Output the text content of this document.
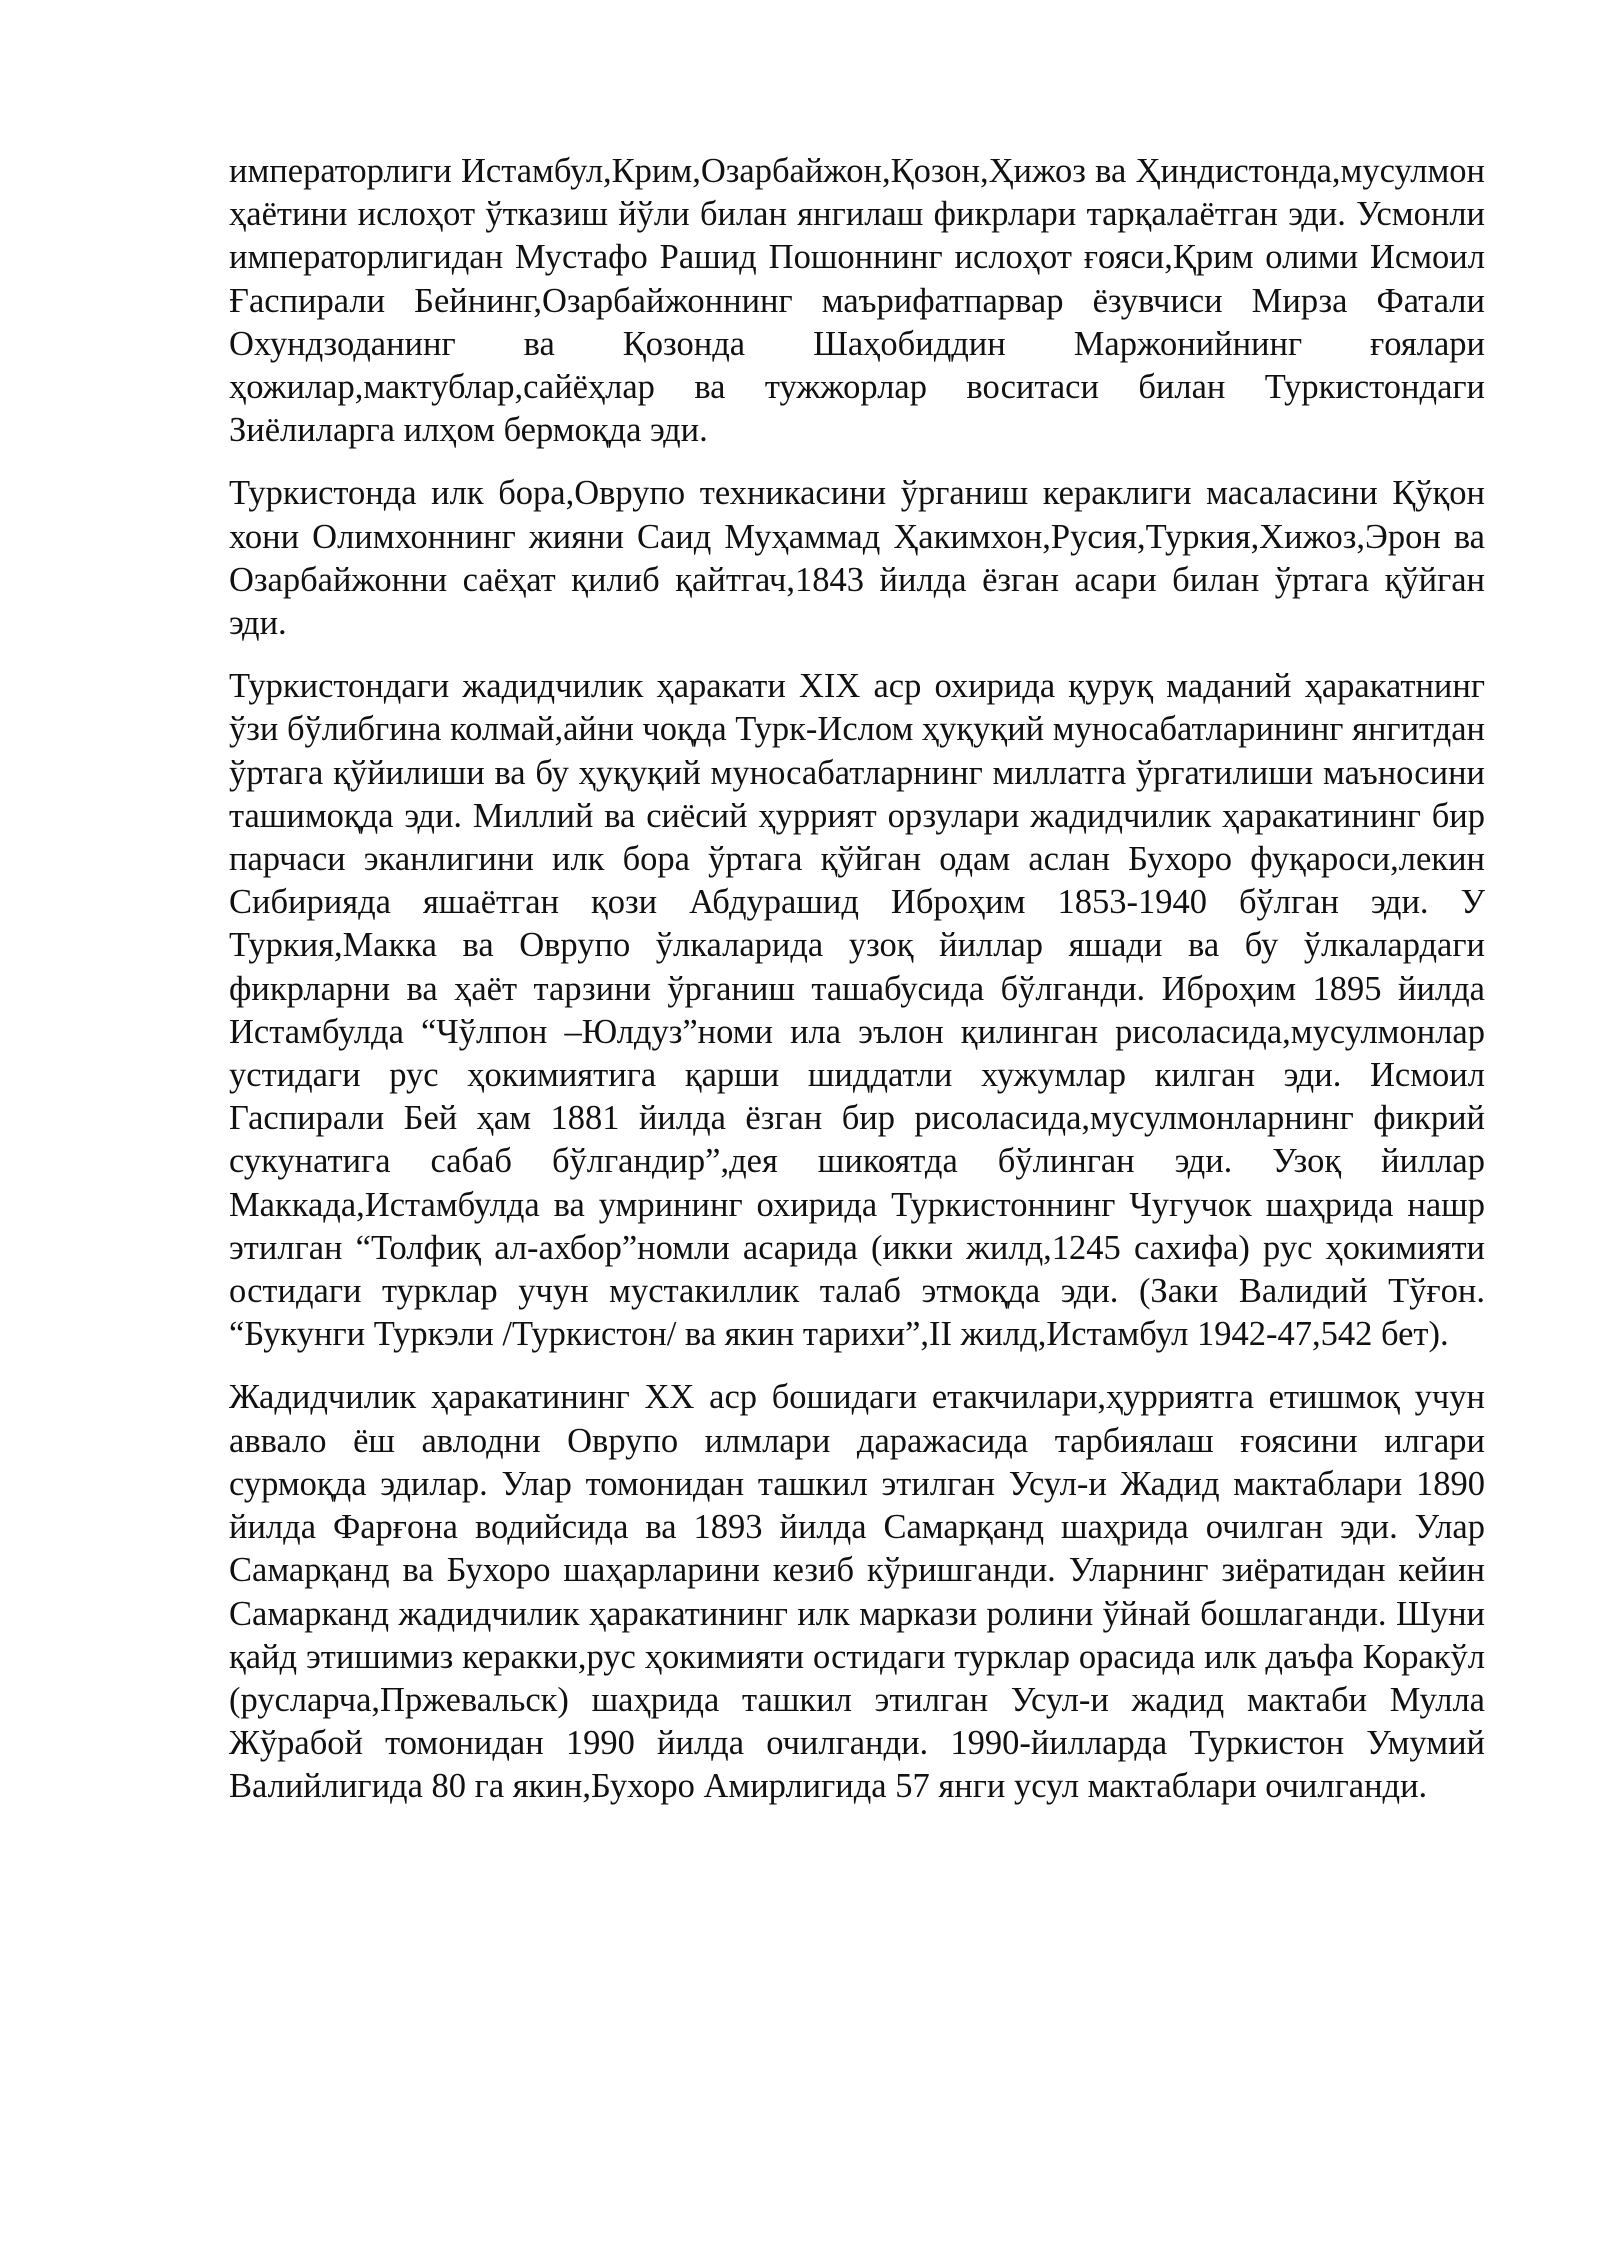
императорлиги Истамбул,Крим,Озарбайжон,Қозон,Ҳижоз ва Ҳиндистонда,мусулмон ҳаётини ислоҳот ўтказиш йўли билан янгилаш фикрлари тарқалаётган эди. Усмонли императорлигидан Мустафо Рашид Пошоннинг ислоҳот ғояси,Қрим олими Исмоил Ғаспирали Бейнинг,Озарбайжоннинг маърифатпарвар ёзувчиси Мирза Фатали Охундзоданинг ва Қозонда Шаҳобиддин Маржонийнинг ғоялари ҳожилар,мактублар,сайёҳлар ва тужжорлар воситаси билан Туркистондаги Зиёлиларга илҳом бермоқда эди.

Туркистонда илк бора,Оврупо техникасини ўрганиш кераклиги масаласини Қўқон хони Олимхоннинг жияни Саид Муҳаммад Ҳакимхон,Русия,Туркия,Хижоз,Эрон ва Озарбайжонни саёҳат қилиб қайтгач,1843 йилда ёзган асари билан ўртага қўйган эди.

Туркистондаги жадидчилик ҳаракати XIX аср охирида қуруқ маданий ҳаракатнинг ўзи бўлибгина колмай,айни чоқда Турк-Ислом ҳуқуқий муносабатларининг янгитдан ўртага қўйилиши ва бу ҳуқуқий муносабатларнинг миллатга ўргатилиши маъносини ташимоқда эди. Миллий ва сиёсий ҳуррият орзулари жадидчилик ҳаракатининг бир парчаси эканлигини илк бора ўртага қўйган одам аслан Бухоро фуқароси,лекин Сибирияда яшаётган қози Абдурашид Иброҳим 1853-1940 бўлган эди. У Туркия,Макка ва Оврупо ўлкаларида узоқ йиллар яшади ва бу ўлкалардаги фикрларни ва ҳаёт тарзини ўрганиш ташабусида бўлганди. Иброҳим 1895 йилда Истамбулда “Чўлпон –Юлдуз”номи ила эълон қилинган рисоласида,мусулмонлар устидаги рус ҳокимиятига қарши шиддатли хужумлар килган эди. Исмоил Гаспирали Бей ҳам 1881 йилда ёзган бир рисоласида,мусулмонларнинг фикрий сукунатига сабаб бўлгандир”,дея шикоятда бўлинган эди. Узоқ йиллар Маккада,Истамбулда ва умрининг охирида Туркистоннинг Чугучок шаҳрида нашр этилган “Толфиқ ал-ахбор”номли асарида (икки жилд,1245 сахифа) рус ҳокимияти остидаги турклар учун мустакиллик талаб этмоқда эди. (Заки Валидий Тўғон. “Букунги Туркэли /Туркистон/ ва якин тарихи”,II жилд,Истамбул 1942-47,542 бет).

Жадидчилик ҳаракатининг XX аср бошидаги етакчилари,ҳурриятга етишмоқ учун аввало ёш авлодни Оврупо илмлари даражасида тарбиялаш ғоясини илгари сурмоқда эдилар. Улар томонидан ташкил этилган Усул-и Жадид мактаблари 1890 йилда Фарғона водийсида ва 1893 йилда Самарқанд шаҳрида очилган эди. Улар Самарқанд ва Бухоро шаҳарларини кезиб кўришганди. Уларнинг зиёратидан кейин Самарканд жадидчилик ҳаракатининг илк маркази ролини ўйнай бошлаганди. Шуни қайд этишимиз керакки,рус ҳокимияти остидаги турклар орасида илк даъфа Коракўл (русларча,Пржевальск) шаҳрида ташкил этилган Усул-и жадид мактаби Мулла Жўрабой томонидан 1990 йилда очилганди. 1990-йилларда Туркистон Умумий Валийлигида 80 га якин,Бухоро Амирлигида 57 янги усул мактаблари очилганди.
